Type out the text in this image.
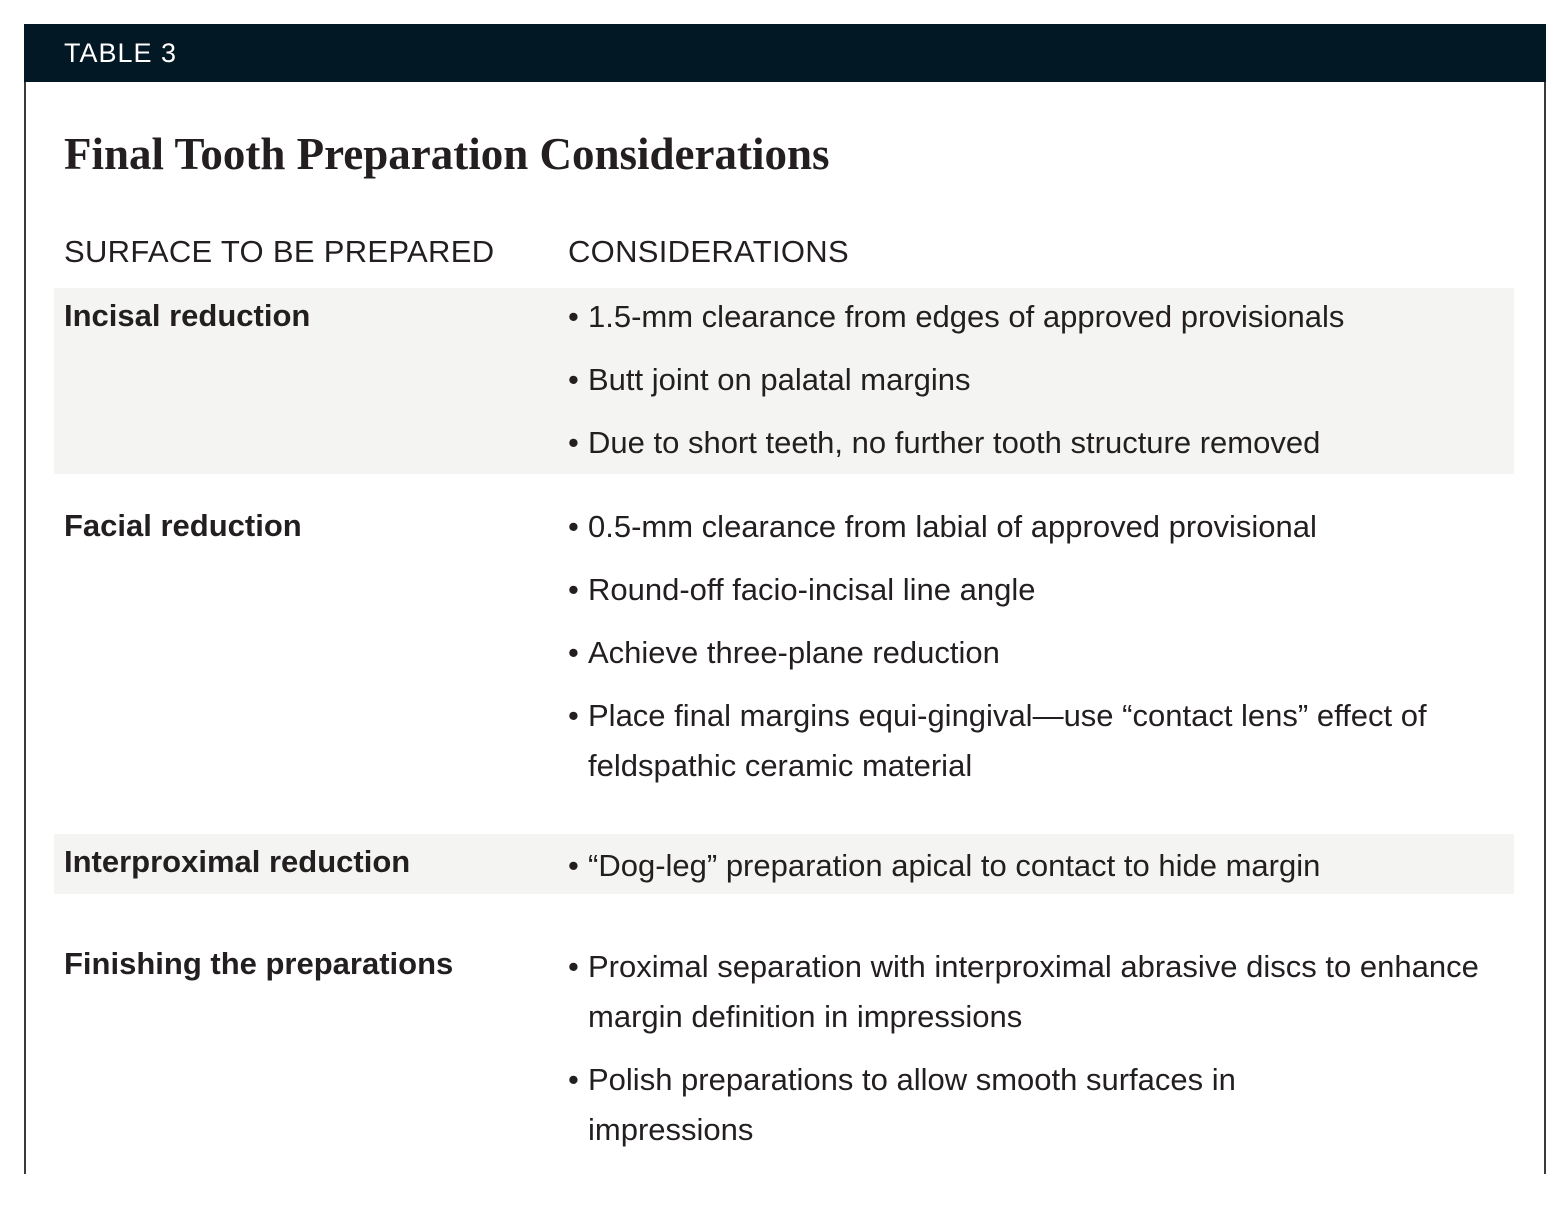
TABLE 3
Final Tooth Preparation Considerations
SURFACE TO BE PREPARED CONSIDERATIONS
Incisal reduction	• 1.5-mm clearance from edges of approved provisionals
• Butt joint on palatal margins
• Due to short teeth, no further tooth structure removed
Facial reduction	• 0.5-mm clearance from labial of approved provisional
• Round-off facio-incisal line angle
• Achieve three-plane reduction
• Place final margins equi-gingival—use “contact lens” effect of feldspathic ceramic material
Interproximal reduction	• “Dog-leg” preparation apical to contact to hide margin
Finishing the preparations	• Proximal separation with interproximal abrasive discs to enhance margin definition in impressions
• Polish preparations to allow smooth surfaces in impressions
